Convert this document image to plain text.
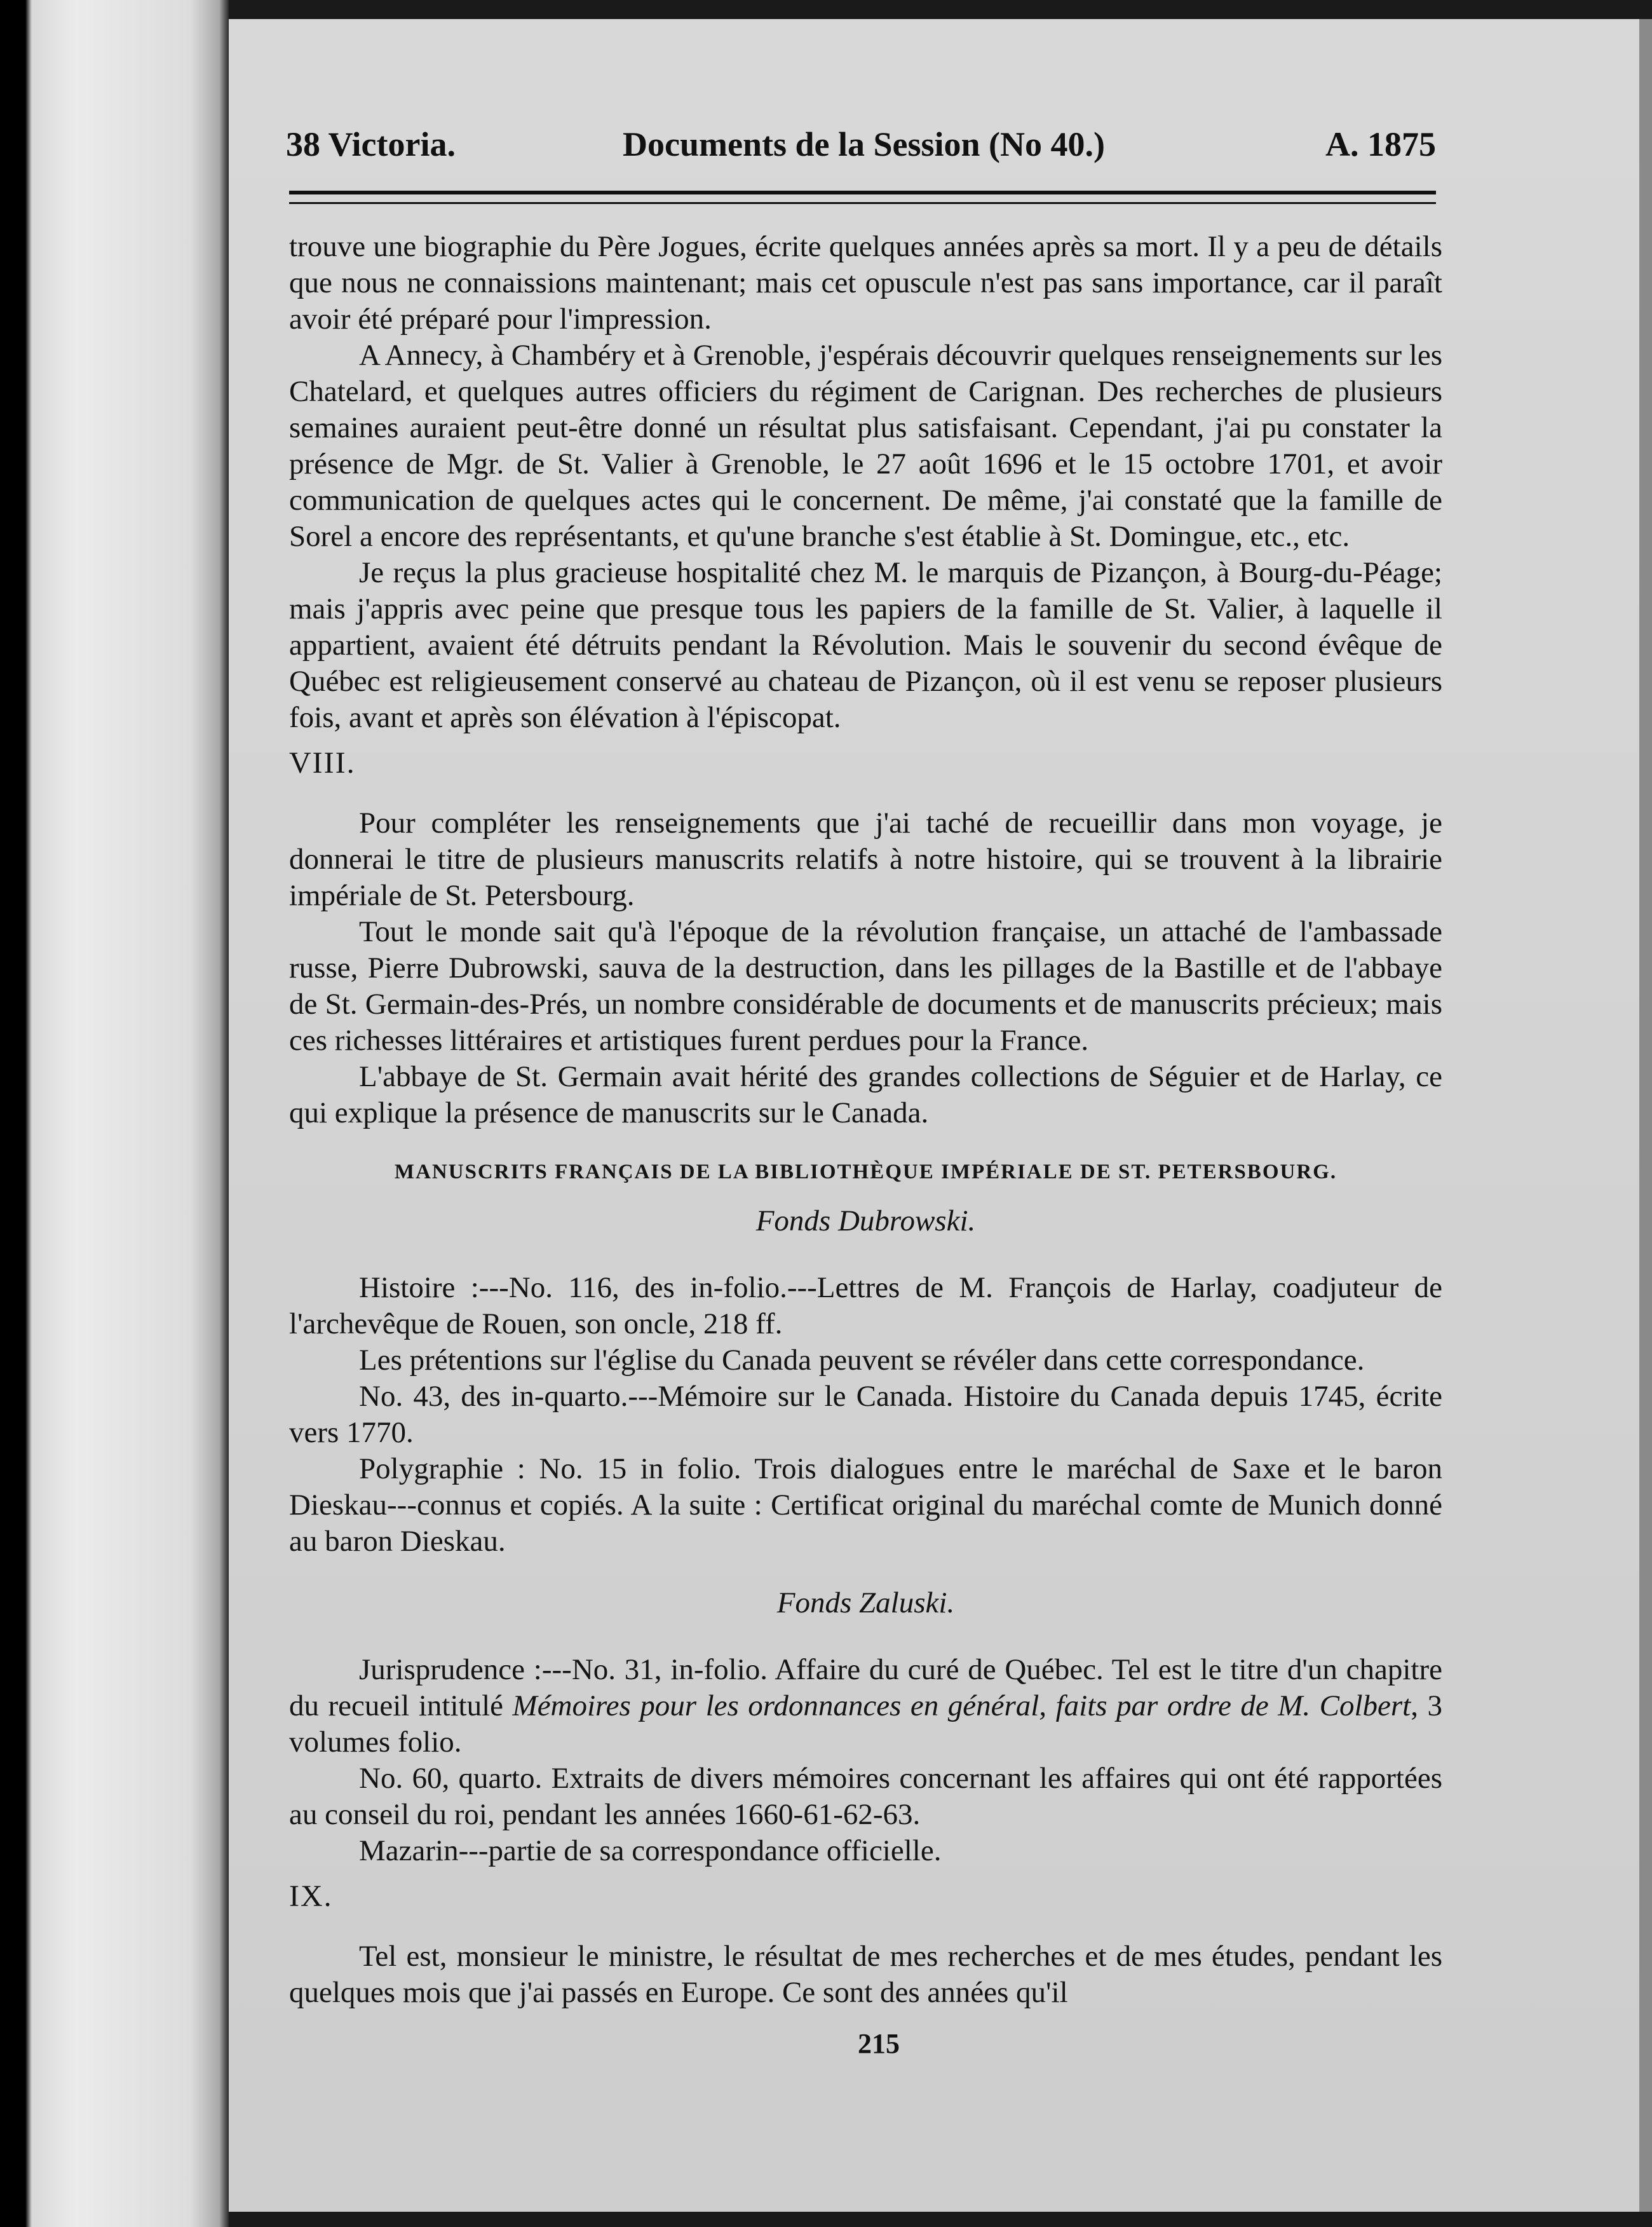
38 Victoria.	Documents de la Session (No 40.)	A. 1875

trouve une biographie du Père Jogues, écrite quelques années après sa mort. Il y a peu de détails que nous ne connaissions maintenant; mais cet opuscule n'est pas sans importance, car il paraît avoir été préparé pour l'impression.

A Annecy, à Chambéry et à Grenoble, j'espérais découvrir quelques renseignements sur les Chatelard, et quelques autres officiers du régiment de Carignan. Des recherches de plusieurs semaines auraient peut-être donné un résultat plus satisfaisant. Cependant, j'ai pu constater la présence de Mgr. de St. Valier à Grenoble, le 27 août 1696 et le 15 octobre 1701, et avoir communication de quelques actes qui le concernent. De même, j'ai constaté que la famille de Sorel a encore des représentants, et qu'une branche s'est établie à St. Domingue, etc., etc.

Je reçus la plus gracieuse hospitalité chez M. le marquis de Pizançon, à Bourg-du-Péage; mais j'appris avec peine que presque tous les papiers de la famille de St. Valier, à laquelle il appartient, avaient été détruits pendant la Révolution. Mais le souvenir du second évêque de Québec est religieusement conservé au chateau de Pizançon, où il est venu se reposer plusieurs fois, avant et après son élévation à l'épiscopat.

VIII.

Pour compléter les renseignements que j'ai taché de recueillir dans mon voyage, je donnerai le titre de plusieurs manuscrits relatifs à notre histoire, qui se trouvent à la librairie impériale de St. Petersbourg.

Tout le monde sait qu'à l'époque de la révolution française, un attaché de l'ambassade russe, Pierre Dubrowski, sauva de la destruction, dans les pillages de la Bastille et de l'abbaye de St. Germain-des-Prés, un nombre considérable de documents et de manuscrits précieux; mais ces richesses littéraires et artistiques furent perdues pour la France.

L'abbaye de St. Germain avait hérité des grandes collections de Séguier et de Harlay, ce qui explique la présence de manuscrits sur le Canada.

MANUSCRITS FRANÇAIS DE LA BIBLIOTHÈQUE IMPÉRIALE DE ST. PETERSBOURG.

Fonds Dubrowski.

Histoire :---No. 116, des in-folio.---Lettres de M. François de Harlay, coadjuteur de l'archevêque de Rouen, son oncle, 218 ff.

Les prétentions sur l'église du Canada peuvent se révéler dans cette correspondance.

No. 43, des in-quarto.---Mémoire sur le Canada. Histoire du Canada depuis 1745, écrite vers 1770.

Polygraphie : No. 15 in folio. Trois dialogues entre le maréchal de Saxe et le baron Dieskau---connus et copiés. A la suite : Certificat original du maréchal comte de Munich donné au baron Dieskau.

Fonds Zaluski.

Jurisprudence :---No. 31, in-folio. Affaire du curé de Québec. Tel est le titre d'un chapitre du recueil intitulé Mémoires pour les ordonnances en général, faits par ordre de M. Colbert, 3 volumes folio.

No. 60, quarto. Extraits de divers mémoires concernant les affaires qui ont été rapportées au conseil du roi, pendant les années 1660-61-62-63.

Mazarin---partie de sa correspondance officielle.

IX.

Tel est, monsieur le ministre, le résultat de mes recherches et de mes études, pendant les quelques mois que j'ai passés en Europe. Ce sont des années qu'il

215
